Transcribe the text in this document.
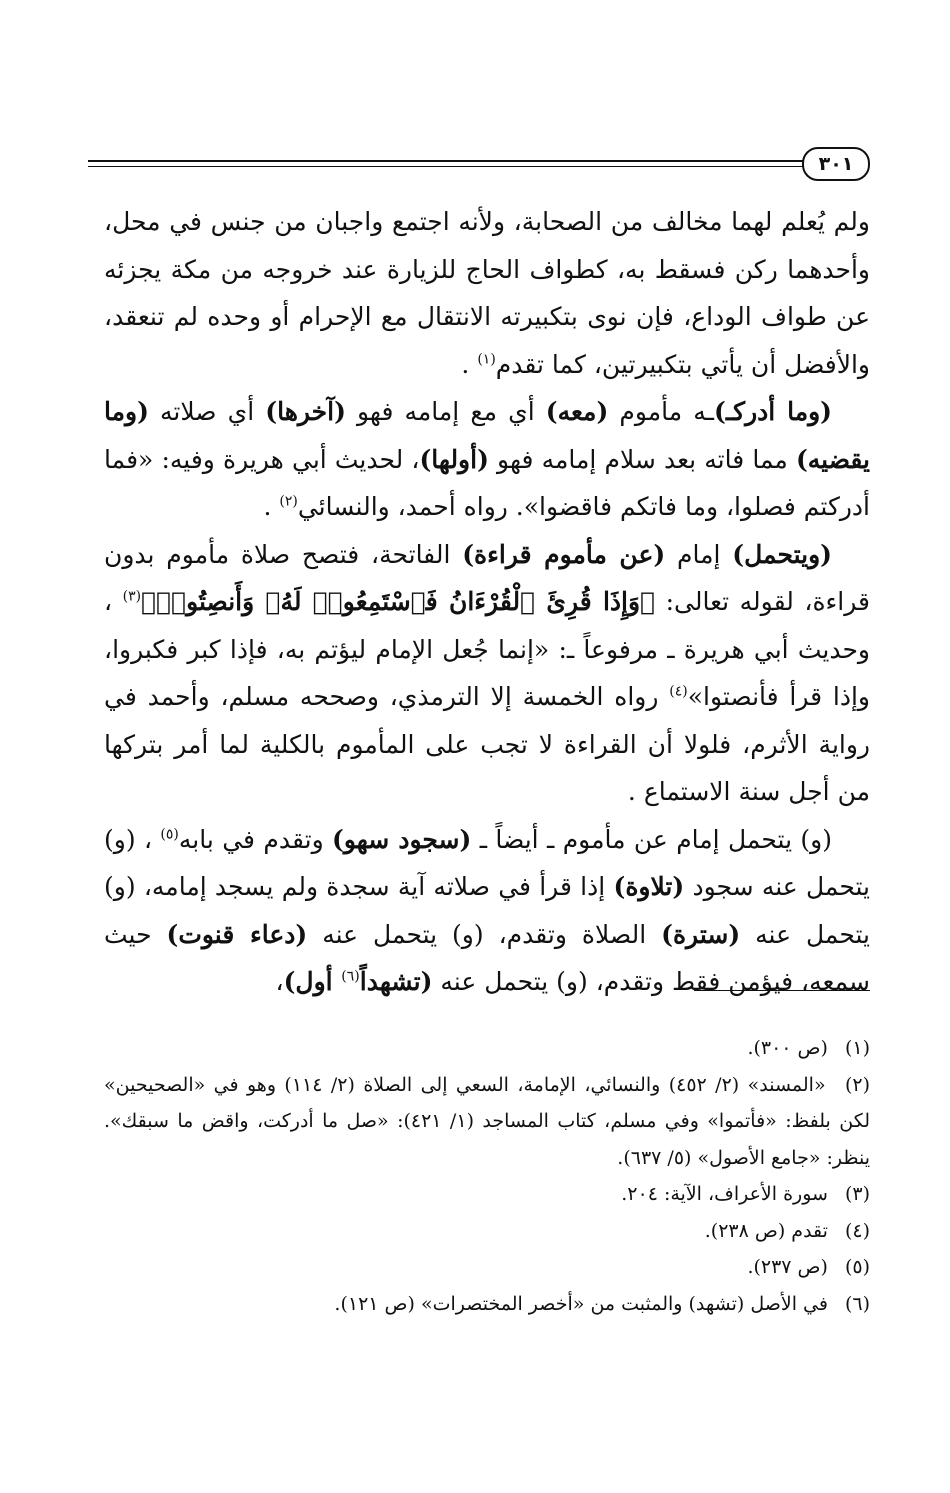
٣٠١

ولم يُعلم لهما مخالف من الصحابة، ولأنه اجتمع واجبان من جنس في محل، وأحدهما ركن فسقط به، كطواف الحاج للزيارة عند خروجه من مكة يجزئه عن طواف الوداع، فإن نوى بتكبيرته الانتقال مع الإحرام أو وحده لم تنعقد، والأفضل أن يأتي بتكبيرتين، كما تقدم$^{(١)}$ .

(وما أدركـ)ـه مأموم (معه) أي مع إمامه فهو (آخرها) أي صلاته (وما يقضيه) مما فاته بعد سلام إمامه فهو (أولها)، لحديث أبي هريرة وفيه: «فما أدركتم فصلوا، وما فاتكم فاقضوا». رواه أحمد، والنسائي$^{(٢)}$ .

(ويتحمل) إمام (عن مأموم قراءة) الفاتحة، فتصح صلاة مأموم بدون قراءة، لقوله تعالى: ﴿وَإِذَا قُرِئَ ٱلْقُرْءَانُ فَٱسْتَمِعُوا۟ لَهُۥ وَأَنصِتُوا۟﴾$^{(٣)}$ ، وحديث أبي هريرة ـ مرفوعاً ـ: «إنما جُعل الإمام ليؤتم به، فإذا كبر فكبروا، وإذا قرأ فأنصتوا»$^{(٤)}$ رواه الخمسة إلا الترمذي، وصححه مسلم، وأحمد في رواية الأثرم، فلولا أن القراءة لا تجب على المأموم بالكلية لما أمر بتركها من أجل سنة الاستماع .

(و) يتحمل إمام عن مأموم ـ أيضاً ـ (سجود سهو) وتقدم في بابه$^{(٥)}$ ، (و) يتحمل عنه سجود (تلاوة) إذا قرأ في صلاته آية سجدة ولم يسجد إمامه، (و) يتحمل عنه (سترة) الصلاة وتقدم، (و) يتحمل عنه (دعاء قنوت) حيث سمعه، فيؤمن فقط وتقدم، (و) يتحمل عنه (تشهداً$^{(٦)}$ أول)،

(١) (ص ٣٠٠).

(٢) «المسند» (٢/ ٤٥٢) والنسائي، الإمامة، السعي إلى الصلاة (٢/ ١١٤) وهو في «الصحيحين» لكن بلفظ: «فأتموا» وفي مسلم، كتاب المساجد (١/ ٤٢١): «صل ما أدركت، واقض ما سبقك». ينظر: «جامع الأصول» (٥/ ٦٣٧).

(٣) سورة الأعراف، الآية: ٢٠٤.

(٤) تقدم (ص ٢٣٨).

(٥) (ص ٢٣٧).

(٦) في الأصل (تشهد) والمثبت من «أخصر المختصرات» (ص ١٢١).
